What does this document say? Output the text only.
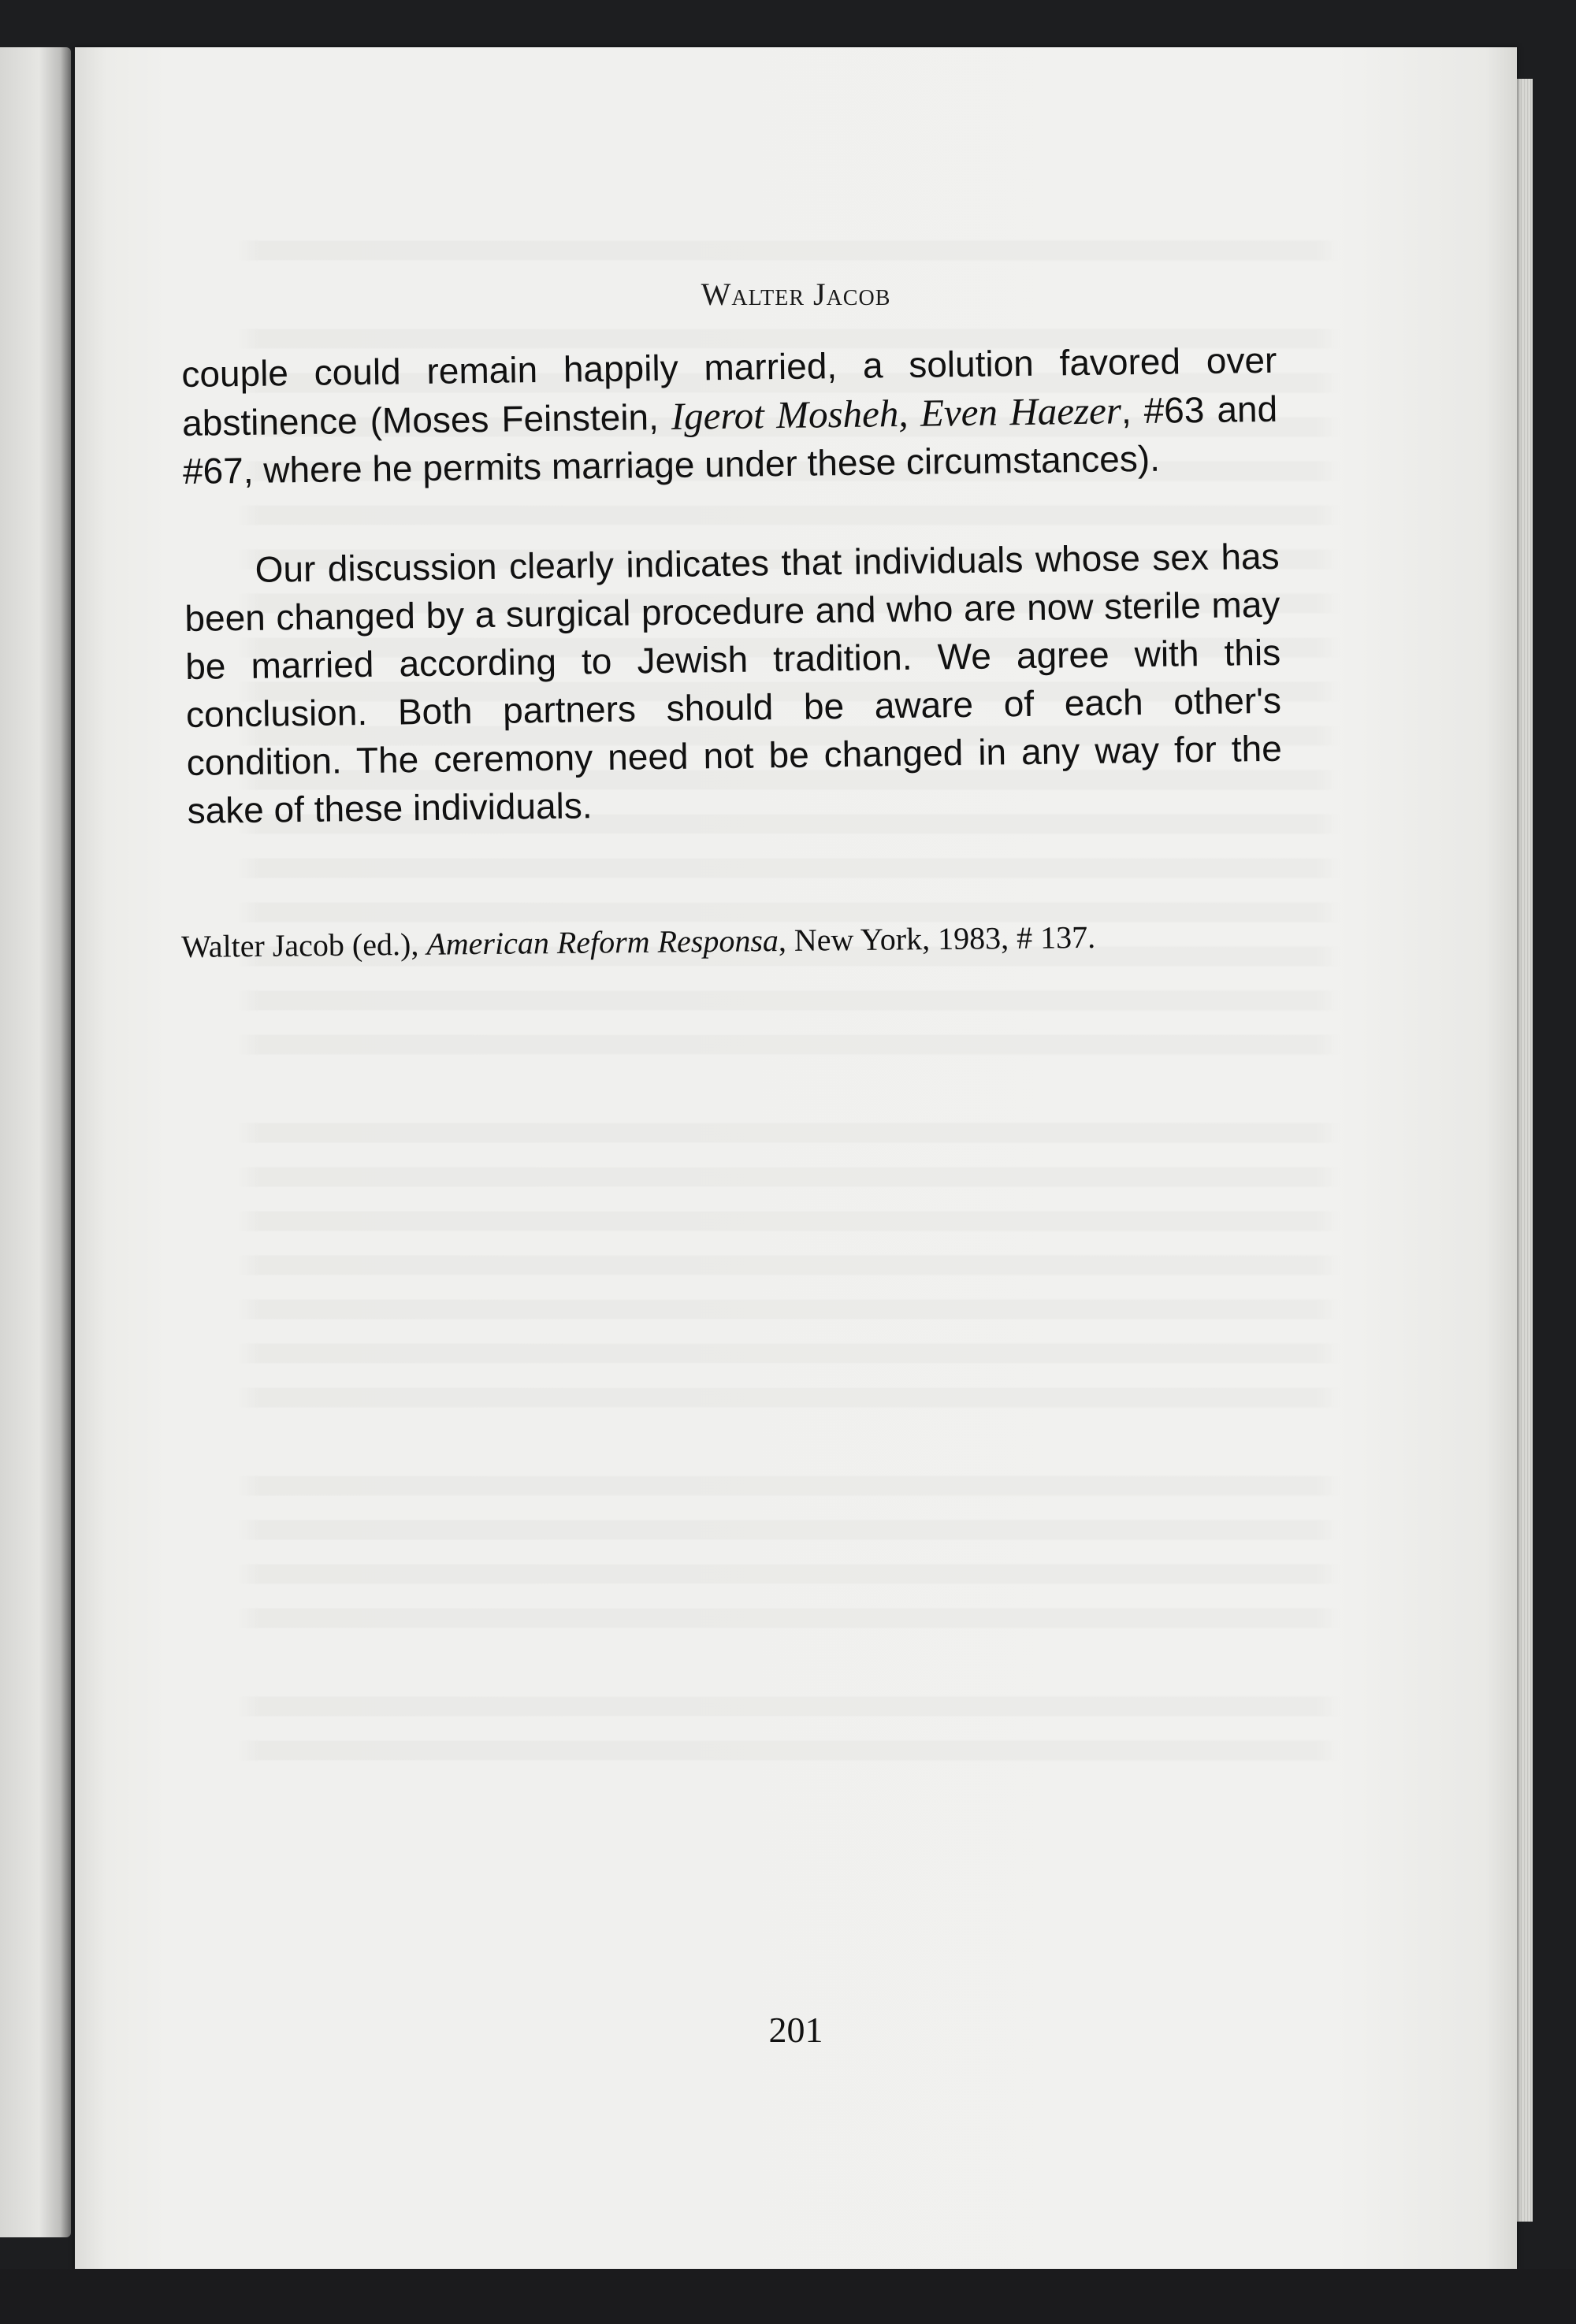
Walter Jacob

couple could remain happily married, a solution favored over abstinence (Moses Feinstein, Igerot Mosheh, Even Haezer, #63 and #67, where he permits marriage under these circumstances).

Our discussion clearly indicates that individuals whose sex has been changed by a surgical procedure and who are now sterile may be married according to Jewish tradition. We agree with this conclusion. Both partners should be aware of each other's condition. The ceremony need not be changed in any way for the sake of these individuals.

Walter Jacob (ed.), American Reform Responsa, New York, 1983, # 137.
201
